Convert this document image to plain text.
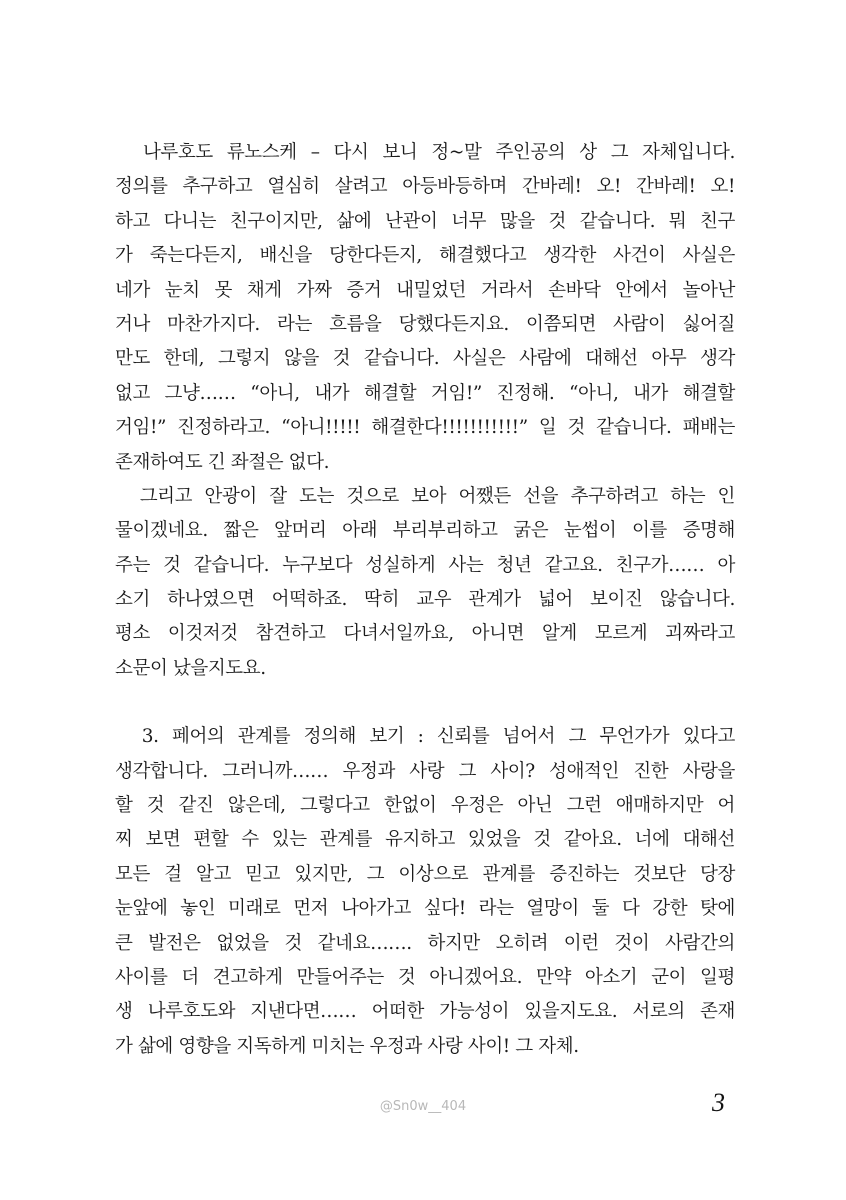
나루호도 류노스케 – 다시 보니 정~말 주인공의 상 그 자체입니다.
정의를 추구하고 열심히 살려고 아등바등하며 간바레! 오! 간바레! 오!
하고 다니는 친구이지만, 삶에 난관이 너무 많을 것 같습니다. 뭐 친구
가 죽는다든지, 배신을 당한다든지, 해결했다고 생각한 사건이 사실은
네가 눈치 못 채게 가짜 증거 내밀었던 거라서 손바닥 안에서 놀아난
거나 마찬가지다. 라는 흐름을 당했다든지요. 이쯤되면 사람이 싫어질
만도 한데, 그렇지 않을 것 같습니다. 사실은 사람에 대해선 아무 생각
없고 그냥…… “아니, 내가 해결할 거임!” 진정해. “아니, 내가 해결할
거임!” 진정하라고. “아니!!!!! 해결한다!!!!!!!!!!!” 일 것 같습니다. 패배는
존재하여도 긴 좌절은 없다.
그리고 안광이 잘 도는 것으로 보아 어쨌든 선을 추구하려고 하는 인
물이겠네요. 짧은 앞머리 아래 부리부리하고 굵은 눈썹이 이를 증명해
주는 것 같습니다. 누구보다 성실하게 사는 청년 같고요. 친구가…… 아
소기 하나였으면 어떡하죠. 딱히 교우 관계가 넓어 보이진 않습니다.
평소 이것저것 참견하고 다녀서일까요, 아니면 알게 모르게 괴짜라고
소문이 났을지도요.
3. 페어의 관계를 정의해 보기 : 신뢰를 넘어서 그 무언가가 있다고
생각합니다. 그러니까…… 우정과 사랑 그 사이? 성애적인 진한 사랑을
할 것 같진 않은데, 그렇다고 한없이 우정은 아닌 그런 애매하지만 어
찌 보면 편할 수 있는 관계를 유지하고 있었을 것 같아요. 너에 대해선
모든 걸 알고 믿고 있지만, 그 이상으로 관계를 증진하는 것보단 당장
눈앞에 놓인 미래로 먼저 나아가고 싶다! 라는 열망이 둘 다 강한 탓에
큰 발전은 없었을 것 같네요……. 하지만 오히려 이런 것이 사람간의
사이를 더 견고하게 만들어주는 것 아니겠어요. 만약 아소기 군이 일평
생 나루호도와 지낸다면…… 어떠한 가능성이 있을지도요. 서로의 존재
가 삶에 영향을 지독하게 미치는 우정과 사랑 사이! 그 자체.
@Sn0w__404	3
